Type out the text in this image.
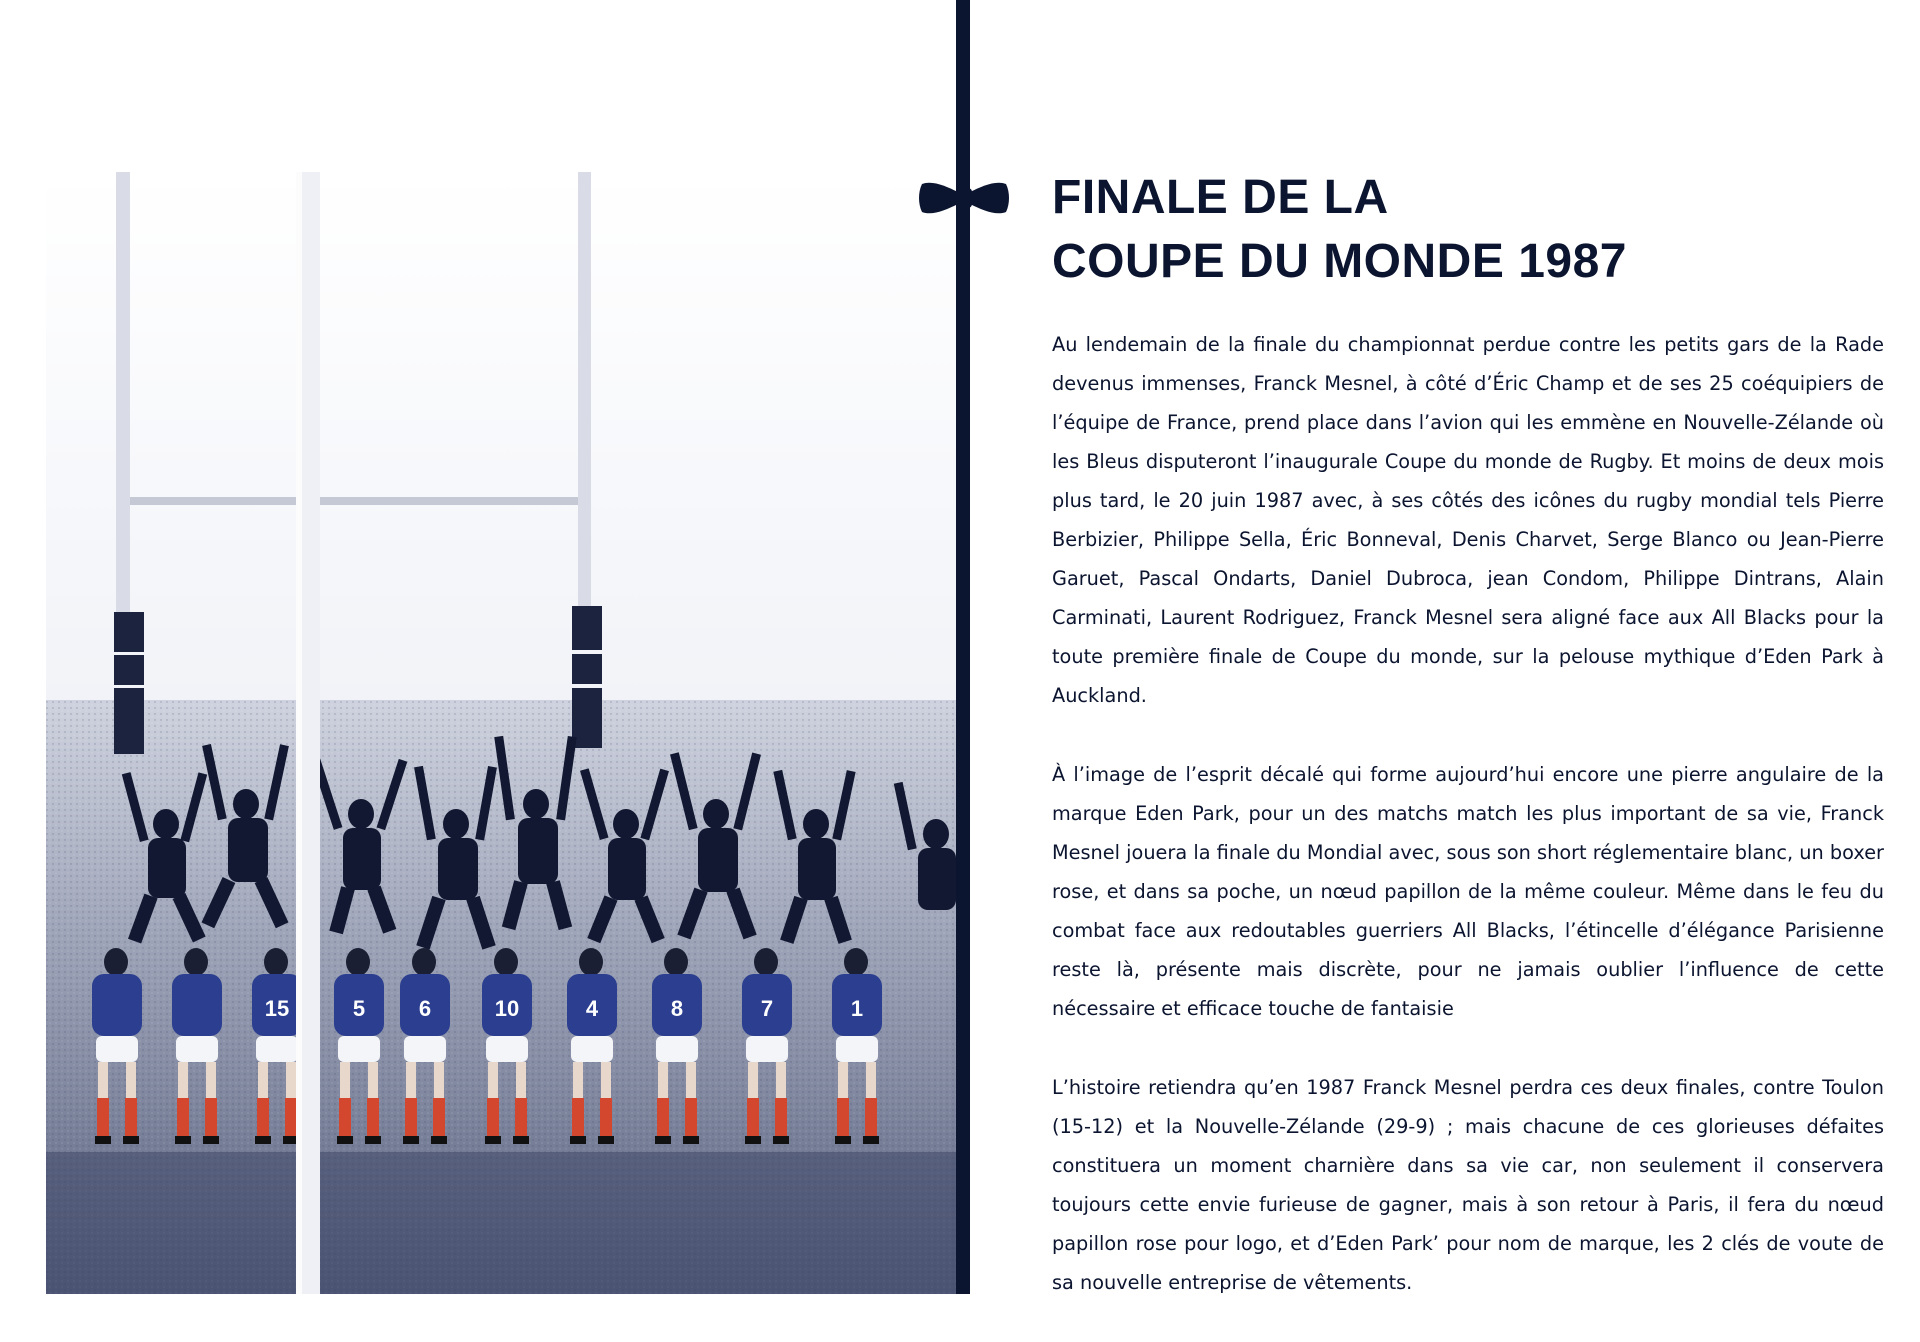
15	5 6	10	4	8	7	1
FINALE DE LA
COUPE DU MONDE 1987

Au lendemain de la finale du championnat perdue contre les petits gars de la Rade devenus immenses, Franck Mesnel, à côté d’Éric Champ et de ses 25 coéquipiers de l’équipe de France, prend place dans l’avion qui les emmène en Nouvelle-Zélande où les Bleus disputeront l’inaugurale Coupe du monde de Rugby. Et moins de deux mois plus tard, le 20 juin 1987 avec, à ses côtés des icônes du rugby mondial tels Pierre Berbizier, Philippe Sella, Éric Bonneval, Denis Charvet, Serge Blanco ou Jean-Pierre Garuet, Pascal Ondarts, Daniel Dubroca, jean Condom, Philippe Dintrans, Alain Carminati, Laurent Rodriguez, Franck Mesnel sera aligné face aux All Blacks pour la toute première finale de Coupe du monde, sur la pelouse mythique d’Eden Park à Auckland.

À l’image de l’esprit décalé qui forme aujourd’hui encore une pierre angulaire de la marque Eden Park, pour un des matchs match les plus important de sa vie, Franck Mesnel jouera la finale du Mondial avec, sous son short réglementaire blanc, un boxer rose, et dans sa poche, un nœud papillon de la même couleur. Même dans le feu du combat face aux redoutables guerriers All Blacks, l’étincelle d’élégance Parisienne reste là, présente mais discrète, pour ne jamais oublier l’influence de cette nécessaire et efficace touche de fantaisie

L’histoire retiendra qu’en 1987 Franck Mesnel perdra ces deux finales, contre Toulon (15-12) et la Nouvelle-Zélande (29-9) ; mais chacune de ces glorieuses défaites constituera un moment charnière dans sa vie car, non seulement il conservera toujours cette envie furieuse de gagner, mais à son retour à Paris, il fera du nœud papillon rose pour logo, et d’Eden Park’ pour nom de marque, les 2 clés de voute de sa nouvelle entreprise de vêtements.
